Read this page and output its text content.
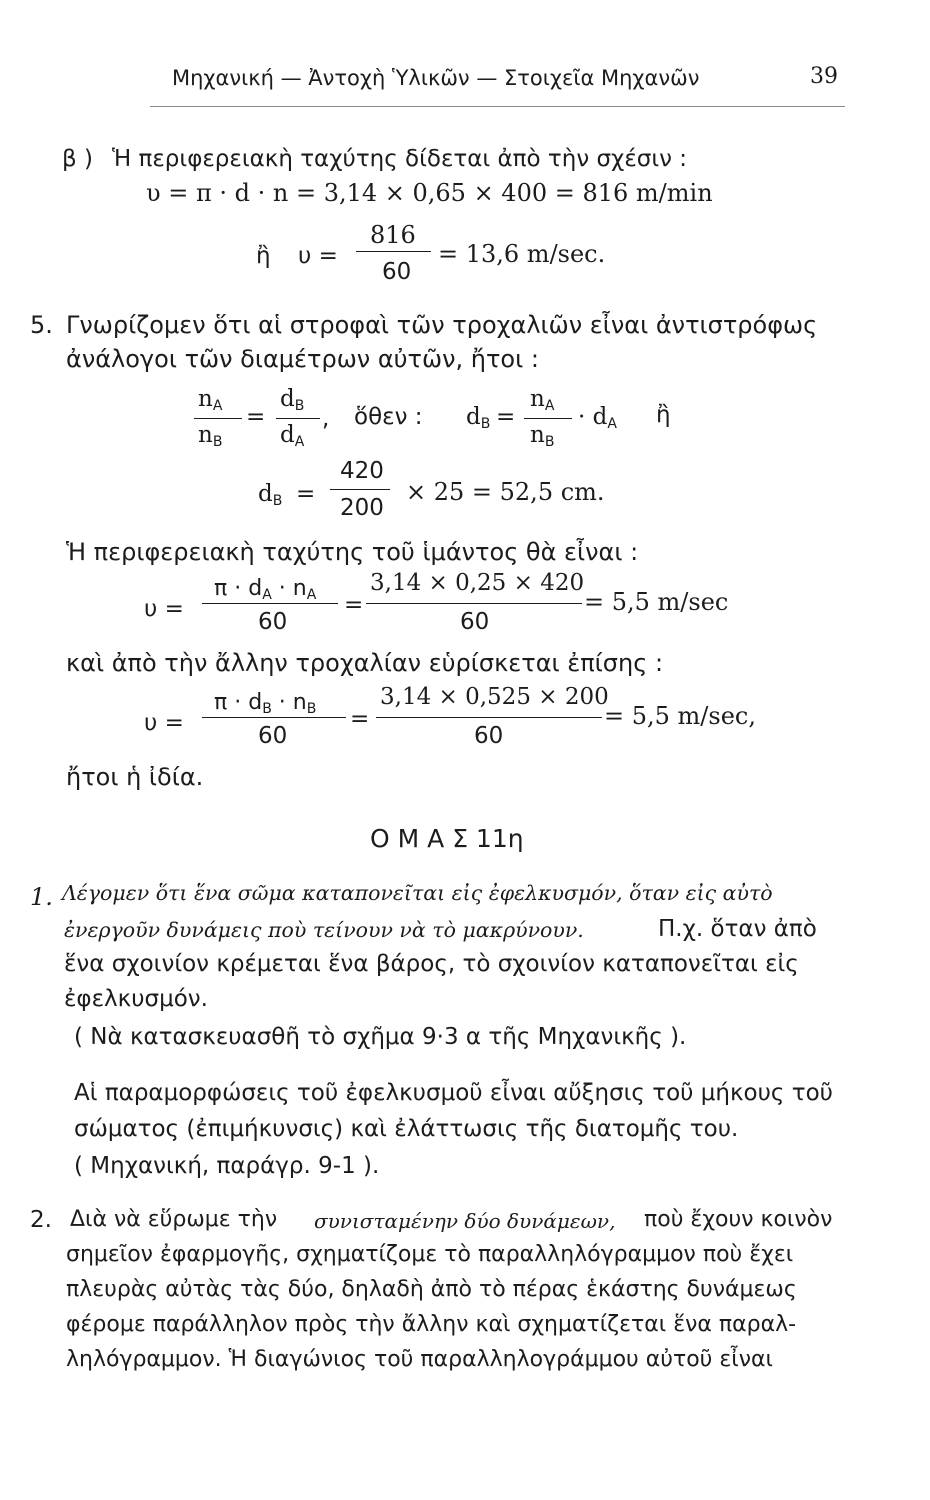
Μηχανική — Ἀντοχὴ Ὑλικῶν — Στοιχεῖα Μηχανῶν	39
β ) Ἡ περιφερειακὴ ταχύτης δίδεται ἀπὸ τὴν σχέσιν :
υ = π · d · n = 3,14 × 0,65 × 400 = 816 m/min
ἢ υ =
816
60
= 13,6 m/sec.
5. Γνωρίζομεν ὅτι αἱ στροφαὶ τῶν τροχαλιῶν εἶναι ἀντιστρόφως
ἀνάλογοι τῶν διαμέτρων αὐτῶν, ἤτοι :
nA
nB
=
dB
dA
, ὅθεν : dB =
nA
nB
· dA ἢ
dB =
420
200
× 25 = 52,5 cm.
Ἡ περιφερειακὴ ταχύτης τοῦ ἱμάντος θὰ εἶναι :
υ =
π · dA · nA
60
=
3,14 × 0,25 × 420
60
= 5,5 m/sec
καὶ ἀπὸ τὴν ἄλλην τροχαλίαν εὑρίσκεται ἐπίσης :
υ =
π · dB · nB
60
=
3,14 × 0,525 × 200
60
= 5,5 m/sec,
ἤτοι ἡ ἰδία.
Ο Μ Α Σ 11η
1. Λέγομεν ὅτι ἕνα σῶμα καταπονεῖται εἰς ἐφελκυσμόν, ὅταν εἰς αὐτὸ
ἐνεργοῦν δυνάμεις ποὺ τείνουν νὰ τὸ μακρύνουν.	Π.χ. ὅταν ἀπὸ
ἕνα σχοινίον κρέμεται ἕνα βάρος, τὸ σχοινίον καταπονεῖται εἰς
ἐφελκυσμόν.
( Νὰ κατασκευασθῆ τὸ σχῆμα 9·3 α τῆς Μηχανικῆς ).
Αἱ παραμορφώσεις τοῦ ἐφελκυσμοῦ εἶναι αὔξησις τοῦ μήκους τοῦ
σώματος (ἐπιμήκυνσις) καὶ ἐλάττωσις τῆς διατομῆς του.
( Μηχανική, παράγρ. 9-1 ).
2. Διὰ νὰ εὕρωμε τὴν συνισταμένην δύο δυνάμεων, ποὺ ἔχουν κοινὸν
σημεῖον ἐφαρμογῆς, σχηματίζομε τὸ παραλληλόγραμμον ποὺ ἔχει
πλευρὰς αὐτὰς τὰς δύο, δηλαδὴ ἀπὸ τὸ πέρας ἑκάστης δυνάμεως
φέρομε παράλληλον πρὸς τὴν ἄλλην καὶ σχηματίζεται ἕνα παραλ-
ληλόγραμμον. Ἡ διαγώνιος τοῦ παραλληλογράμμου αὐτοῦ εἶναι
